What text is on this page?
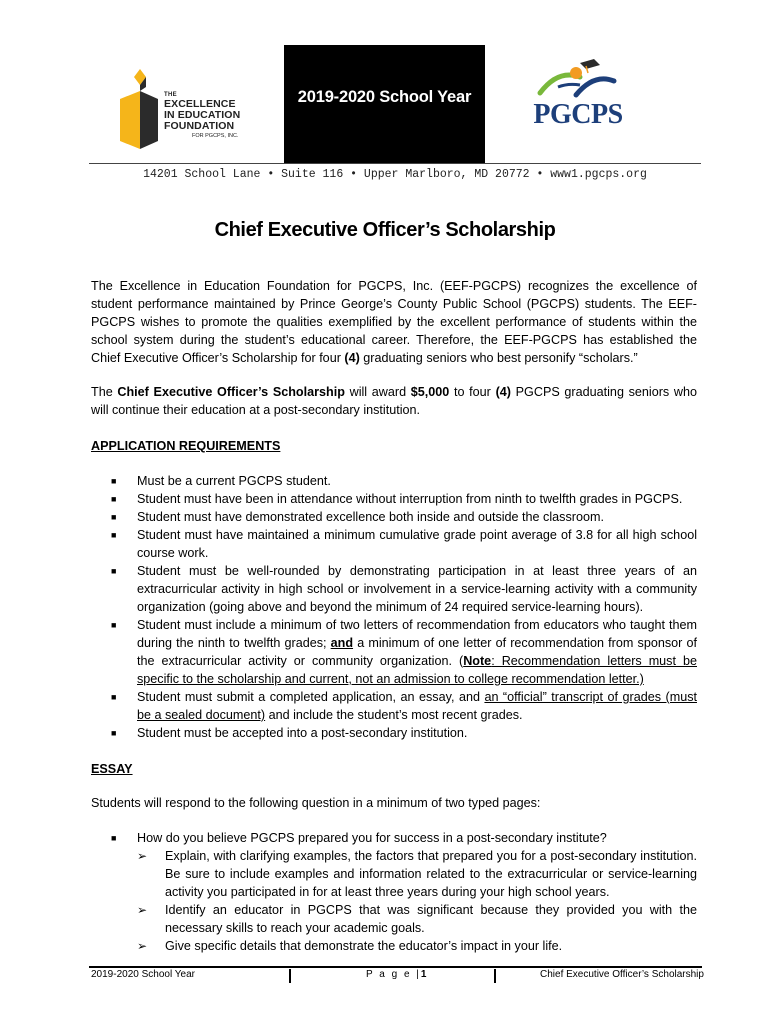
THE
EXCELLENCE
IN EDUCATION
FOUNDATION
FOR PGCPS, INC.
2019-2020 School Year
PGCPS
14201 School Lane • Suite 116 • Upper Marlboro, MD 20772 • www1.pgcps.org
Chief Executive Officer’s Scholarship
The Excellence in Education Foundation for PGCPS, Inc. (EEF-PGCPS) recognizes the excellence of student performance maintained by Prince George’s County Public School (PGCPS) students. The EEF-PGCPS wishes to promote the qualities exemplified by the excellent performance of students within the school system during the student’s educational career. Therefore, the EEF-PGCPS has established the Chief Executive Officer’s Scholarship for four (4) graduating seniors who best personify “scholars.”
The Chief Executive Officer’s Scholarship will award $5,000 to four (4) PGCPS graduating seniors who will continue their education at a post-secondary institution.
APPLICATION REQUIREMENTS
■ Must be a current PGCPS student.
■ Student must have been in attendance without interruption from ninth to twelfth grades in PGCPS.
■ Student must have demonstrated excellence both inside and outside the classroom.
■ Student must have maintained a minimum cumulative grade point average of 3.8 for all high school course work.
■ Student must be well-rounded by demonstrating participation in at least three years of an extracurricular activity in high school or involvement in a service-learning activity with a community organization (going above and beyond the minimum of 24 required service-learning hours).
■ Student must include a minimum of two letters of recommendation from educators who taught them during the ninth to twelfth grades; and a minimum of one letter of recommendation from sponsor of the extracurricular activity or community organization. (Note: Recommendation letters must be specific to the scholarship and current, not an admission to college recommendation letter.)
■ Student must submit a completed application, an essay, and an “official” transcript of grades (must be a sealed document) and include the student’s most recent grades.
■ Student must be accepted into a post-secondary institution.
ESSAY
Students will respond to the following question in a minimum of two typed pages:
■ How do you believe PGCPS prepared you for success in a post-secondary institute?
➢ Explain, with clarifying examples, the factors that prepared you for a post-secondary institution. Be sure to include examples and information related to the extracurricular or service-learning activity you participated in for at least three years during your high school years.
➢ Identify an educator in PGCPS that was significant because they provided you with the necessary skills to reach your academic goals.
➢ Give specific details that demonstrate the educator’s impact in your life.
2019-2020 School Year	P a g e |1	Chief Executive Officer’s Scholarship
